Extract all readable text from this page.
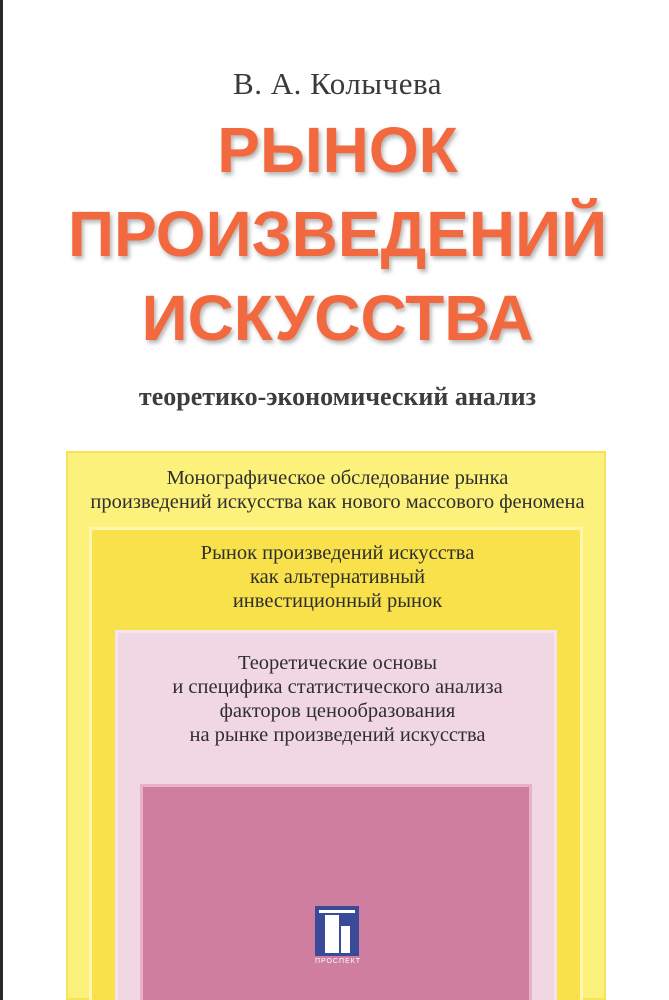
В. А. Колычева
РЫНОК
ПРОИЗВЕДЕНИЙ
ИСКУССТВА
теоретико-экономический анализ
Монографическое обследование рынка
произведений искусства как нового массового феномена
Рынок произведений искусства
как альтернативный
инвестиционный рынок
Теоретические основы
и специфика статистического анализа
факторов ценообразования
на рынке произведений искусства
ПРОСПЕКТ
